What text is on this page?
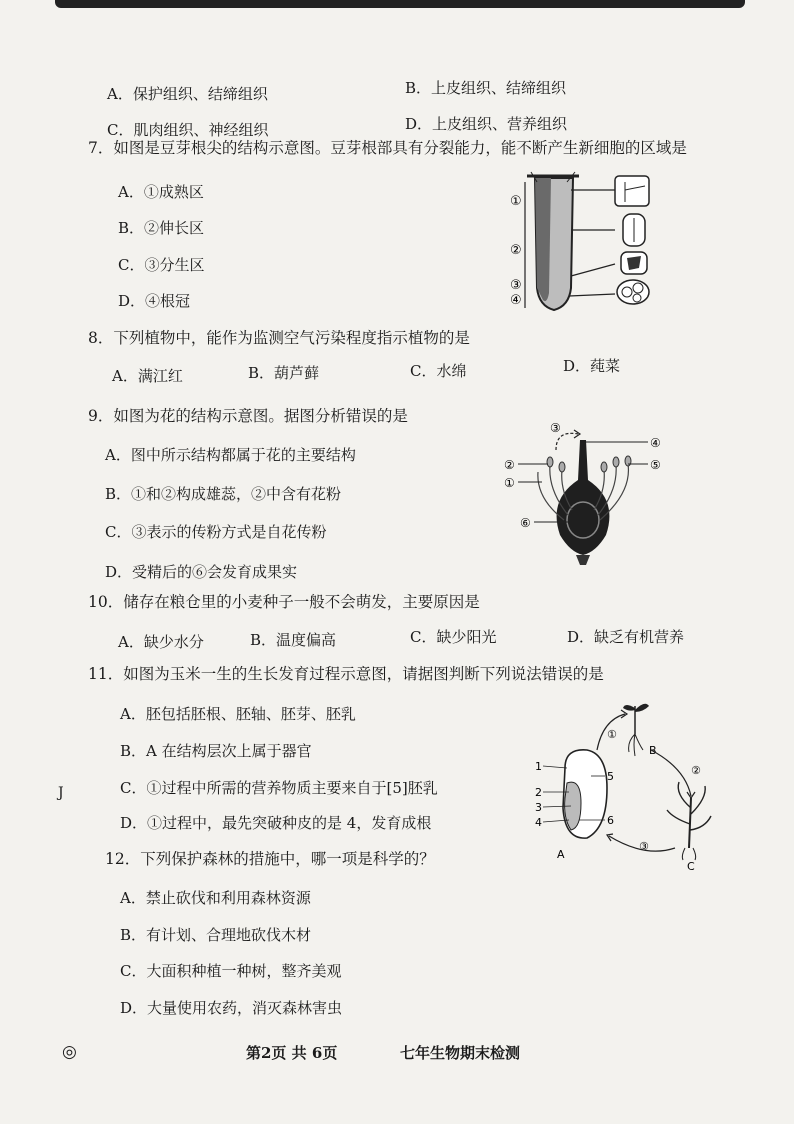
A．保护组织、结缔组织	B．上皮组织、结缔组织
C．肌肉组织、神经组织	D．上皮组织、营养组织
7．如图是豆芽根尖的结构示意图。豆芽根部具有分裂能力，能不断产生新细胞的区域是
A．①成熟区
B．②伸长区
C．③分生区
D．④根冠
①
②
③
④
8．下列植物中，能作为监测空气污染程度指示植物的是
A．满江红	B．葫芦藓	C．水绵	D．莼菜
9．如图为花的结构示意图。据图分析错误的是
A．图中所示结构都属于花的主要结构
B．①和②构成雄蕊，②中含有花粉
C．③表示的传粉方式是自花传粉
D．受精后的⑥会发育成果实
③
④
⑤
②
①
⑥
10．储存在粮仓里的小麦种子一般不会萌发，主要原因是
A．缺少水分	B．温度偏高	C．缺少阳光	D．缺乏有机营养
11．如图为玉米一生的生长发育过程示意图，请据图判断下列说法错误的是
A．胚包括胚根、胚轴、胚芽、胚乳
B．A 在结构层次上属于器官
C．①过程中所需的营养物质主要来自于[5]胚乳
D．①过程中，最先突破种皮的是 4，发育成根
1
2
3
4
5
6
A
B
C
①
②
③
12．下列保护森林的措施中，哪一项是科学的？
A．禁止砍伐和利用森林资源
B．有计划、合理地砍伐木材
C．大面积种植一种树，整齐美观
D．大量使用农药，消灭森林害虫
◎	第2页 共 6页	七年生物期末检测
J
